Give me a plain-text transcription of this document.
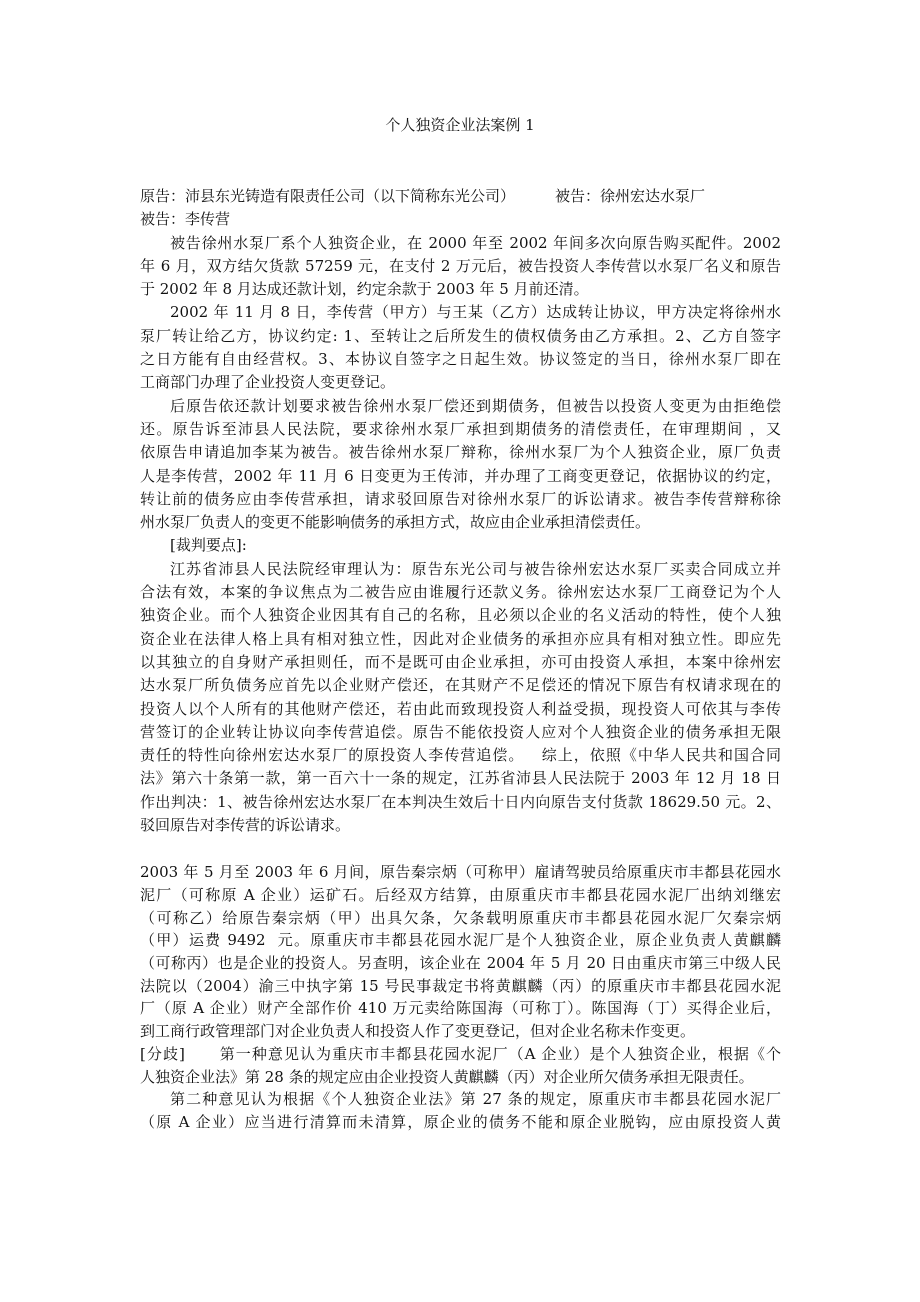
个人独资企业法案例 1
原告：沛县东光铸造有限责任公司（以下简称东光公司）	被告：徐州宏达水泵厂
被告：李传营
被告徐州水泵厂系个人独资企业，在 2000 年至 2002 年间多次向原告购买配件。2002
年 6 月，双方结欠货款 57259 元，在支付 2 万元后，被告投资人李传营以水泵厂名义和原告
于 2002 年 8 月达成还款计划，约定余款于 2003 年 5 月前还清。
2002 年 11 月 8 日，李传营（甲方）与王某（乙方）达成转让协议，甲方决定将徐州水
泵厂转让给乙方，协议约定: 1、至转让之后所发生的债权债务由乙方承担。2、乙方自签字
之日方能有自由经营权。3、本协议自签字之日起生效。协议签定的当日，徐州水泵厂即在
工商部门办理了企业投资人变更登记。
后原告依还款计划要求被告徐州水泵厂偿还到期债务，但被告以投资人变更为由拒绝偿
还。原告诉至沛县人民法院，要求徐州水泵厂承担到期债务的清偿责任，在审理期间 ，又
依原告申请追加李某为被告。被告徐州水泵厂辩称，徐州水泵厂为个人独资企业，原厂负责
人是李传营，2002 年 11 月 6 日变更为王传沛，并办理了工商变更登记，依据协议的约定，
转让前的债务应由李传营承担，请求驳回原告对徐州水泵厂的诉讼请求。被告李传营辩称徐
州水泵厂负责人的变更不能影响债务的承担方式，故应由企业承担清偿责任。
[裁判要点]:
江苏省沛县人民法院经审理认为：原告东光公司与被告徐州宏达水泵厂买卖合同成立并
合法有效，本案的争议焦点为二被告应由谁履行还款义务。徐州宏达水泵厂工商登记为个人
独资企业。而个人独资企业因其有自己的名称，且必须以企业的名义活动的特性，使个人独
资企业在法律人格上具有相对独立性，因此对企业债务的承担亦应具有相对独立性。即应先
以其独立的自身财产承担则任，而不是既可由企业承担，亦可由投资人承担，本案中徐州宏
达水泵厂所负债务应首先以企业财产偿还，在其财产不足偿还的情况下原告有权请求现在的
投资人以个人所有的其他财产偿还，若由此而致现投资人利益受损，现投资人可依其与李传
营签订的企业转让协议向李传营追偿。原告不能依投资人应对个人独资企业的债务承担无限
责任的特性向徐州宏达水泵厂的原投资人李传营追偿。   综上，依照《中华人民共和国合同
法》第六十条第一款，第一百六十一条的规定，江苏省沛县人民法院于 2003 年 12 月 18 日
作出判决：1、被告徐州宏达水泵厂在本判决生效后十日内向原告支付货款 18629.50 元。2、
驳回原告对李传营的诉讼请求。
2003 年 5 月至 2003 年 6 月间，原告秦宗炳（可称甲）雇请驾驶员给原重庆市丰都县花园水
泥厂（可称原 A 企业）运矿石。后经双方结算，由原重庆市丰都县花园水泥厂出纳刘继宏
（可称乙）给原告秦宗炳（甲）出具欠条，欠条载明原重庆市丰都县花园水泥厂欠秦宗炳
（甲）运费 9492  元。原重庆市丰都县花园水泥厂是个人独资企业，原企业负责人黄麒麟
（可称丙）也是企业的投资人。另查明，该企业在 2004 年 5 月 20 日由重庆市第三中级人民
法院以（2004）渝三中执字第 15 号民事裁定书将黄麒麟（丙）的原重庆市丰都县花园水泥
厂（原 A 企业）财产全部作价 410 万元卖给陈国海（可称丁）。陈国海（丁）买得企业后，
到工商行政管理部门对企业负责人和投资人作了变更登记，但对企业名称未作变更。
[分歧]      第一种意见认为重庆市丰都县花园水泥厂（A 企业）是个人独资企业，根据《个
人独资企业法》第 28 条的规定应由企业投资人黄麒麟（丙）对企业所欠债务承担无限责任。
第二种意见认为根据《个人独资企业法》第 27 条的规定，原重庆市丰都县花园水泥厂
（原 A 企业）应当进行清算而未清算，原企业的债务不能和原企业脱钩，应由原投资人黄
